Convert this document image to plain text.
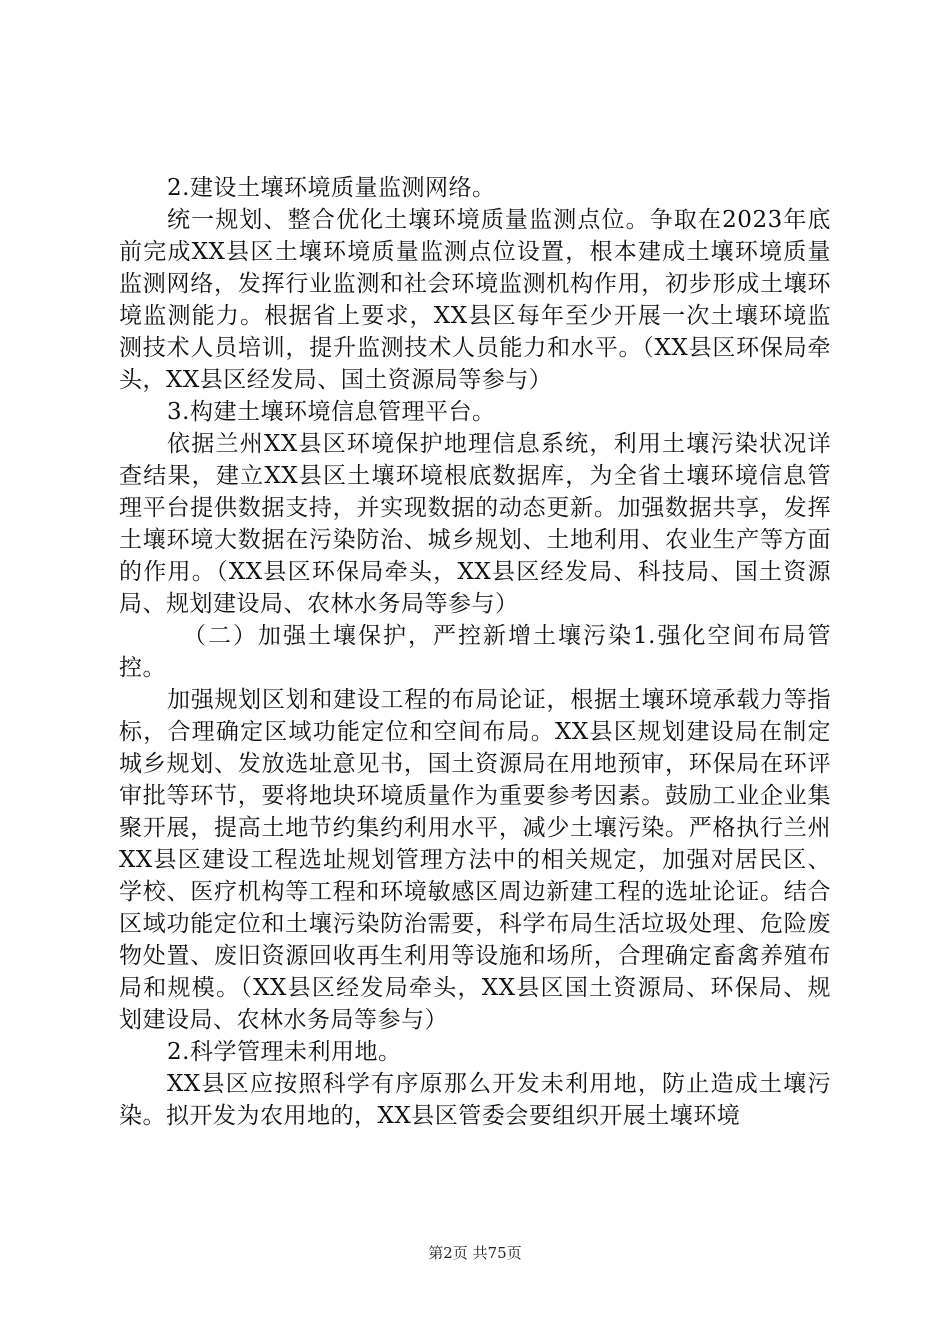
2.建设土壤环境质量监测网络。

统一规划、整合优化土壤环境质量监测点位。争取在2023年底前完成XX县区土壤环境质量监测点位设置，根本建成土壤环境质量监测网络，发挥行业监测和社会环境监测机构作用，初步形成土壤环境监测能力。根据省上要求，XX县区每年至少开展一次土壤环境监测技术人员培训，提升监测技术人员能力和水平。（XX县区环保局牵头，XX县区经发局、国土资源局等参与）

3.构建土壤环境信息管理平台。

依据兰州XX县区环境保护地理信息系统，利用土壤污染状况详查结果，建立XX县区土壤环境根底数据库，为全省土壤环境信息管理平台提供数据支持，并实现数据的动态更新。加强数据共享，发挥土壤环境大数据在污染防治、城乡规划、土地利用、农业生产等方面的作用。（XX县区环保局牵头，XX县区经发局、科技局、国土资源局、规划建设局、农林水务局等参与）

（二）加强土壤保护，严控新增土壤污染1.强化空间布局管控。

加强规划区划和建设工程的布局论证，根据土壤环境承载力等指标，合理确定区域功能定位和空间布局。XX县区规划建设局在制定城乡规划、发放选址意见书，国土资源局在用地预审，环保局在环评审批等环节，要将地块环境质量作为重要参考因素。鼓励工业企业集聚开展，提高土地节约集约利用水平，减少土壤污染。严格执行兰州XX县区建设工程选址规划管理方法中的相关规定，加强对居民区、学校、医疗机构等工程和环境敏感区周边新建工程的选址论证。结合区域功能定位和土壤污染防治需要，科学布局生活垃圾处理、危险废物处置、废旧资源回收再生利用等设施和场所，合理确定畜禽养殖布局和规模。（XX县区经发局牵头，XX县区国土资源局、环保局、规划建设局、农林水务局等参与）

2.科学管理未利用地。

XX县区应按照科学有序原那么开发未利用地，防止造成土壤污染。拟开发为农用地的，XX县区管委会要组织开展土壤环境

第2页 共75页
